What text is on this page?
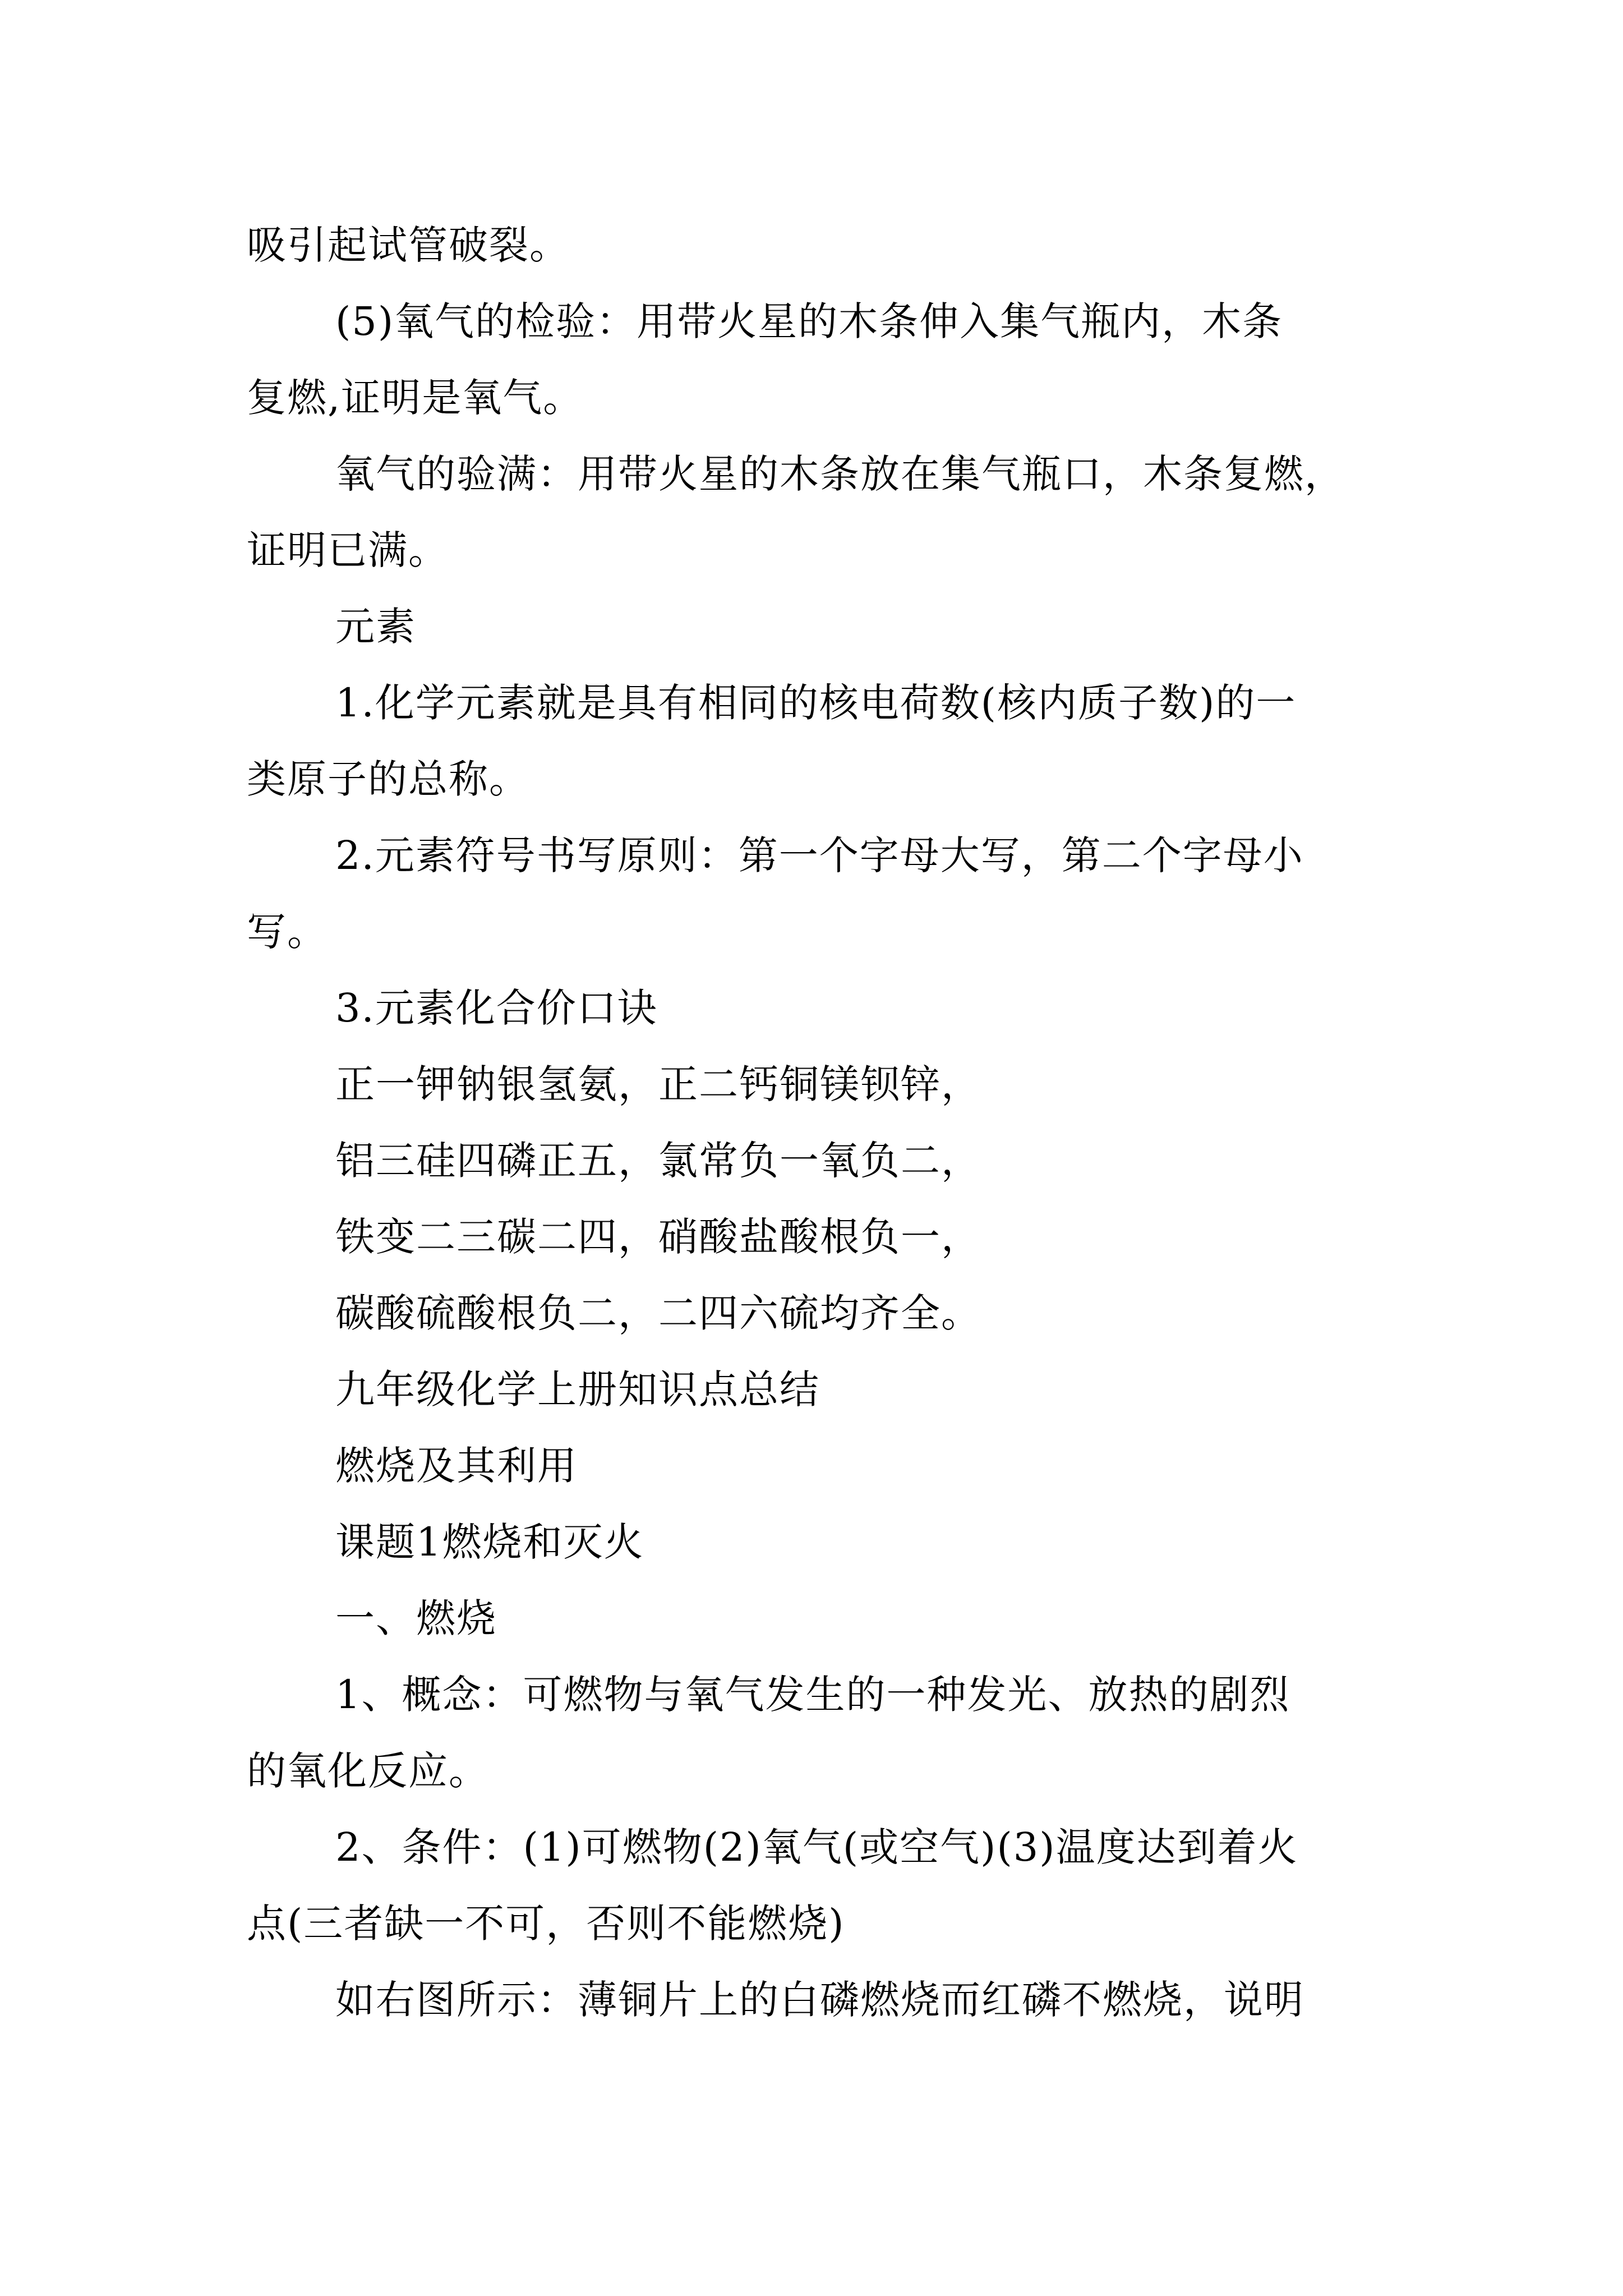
吸引起试管破裂。

(5)氧气的检验：用带火星的木条伸入集气瓶内，木条

复燃,证明是氧气。

氧气的验满：用带火星的木条放在集气瓶口，木条复燃，

证明已满。

元素

1.化学元素就是具有相同的核电荷数(核内质子数)的一

类原子的总称。

2.元素符号书写原则：第一个字母大写，第二个字母小

写。

3.元素化合价口诀

正一钾钠银氢氨，正二钙铜镁钡锌，

铝三硅四磷正五，氯常负一氧负二，

铁变二三碳二四，硝酸盐酸根负一，

碳酸硫酸根负二，二四六硫均齐全。

九年级化学上册知识点总结

燃烧及其利用

课题1燃烧和灭火

一、燃烧

1、概念：可燃物与氧气发生的一种发光、放热的剧烈

的氧化反应。

2、条件：(1)可燃物(2)氧气(或空气)(3)温度达到着火

点(三者缺一不可，否则不能燃烧)

如右图所示：薄铜片上的白磷燃烧而红磷不燃烧，说明
